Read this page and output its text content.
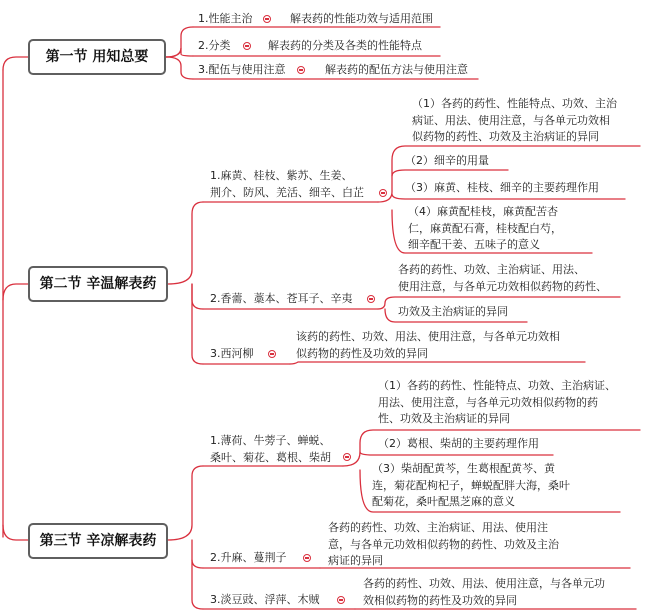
第一节 用知总要
第二节 辛温解表药
第三节 辛凉解表药
1.性能主治	解表药的性能功效与适用范围
2.分类	解表药的分类及各类的性能特点
3.配伍与使用注意	解表药的配伍方法与使用注意
1.麻黄、桂枝、紫苏、生姜、
荆介、防风、羌活、细辛、白芷
（1）各药的药性、性能特点、功效、主治
病证、用法、使用注意，与各单元功效相
似药物的药性、功效及主治病证的异同
（2）细辛的用量
（3）麻黄、桂枝、细辛的主要药理作用
（4）麻黄配桂枝，麻黄配苦杏
仁，麻黄配石膏，桂枝配白芍，
细辛配干姜、五味子的意义
2.香薷、藁本、苍耳子、辛夷
各药的药性、功效、主治病证、用法、
使用注意，与各单元功效相似药物的药性、
功效及主治病证的异同
3.西河柳
该药的药性、功效、用法、使用注意，与各单元功效相
似药物的药性及功效的异同
1.薄荷、牛蒡子、蝉蜕、
桑叶、菊花、葛根、柴胡
（1）各药的药性、性能特点、功效、主治病证、
用法、使用注意，与各单元功效相似药物的药
性、功效及主治病证的异同
（2）葛根、柴胡的主要药理作用
（3）柴胡配黄芩，生葛根配黄芩、黄
连，菊花配枸杞子，蝉蜕配胖大海，桑叶
配菊花，桑叶配黑芝麻的意义
2.升麻、蔓荆子
各药的药性、功效、主治病证、用法、使用注
意，与各单元功效相似药物的药性、功效及主治
病证的异同
3.淡豆豉、浮萍、木贼
各药的药性、功效、用法、使用注意，与各单元功
效相似药物的药性及功效的异同
